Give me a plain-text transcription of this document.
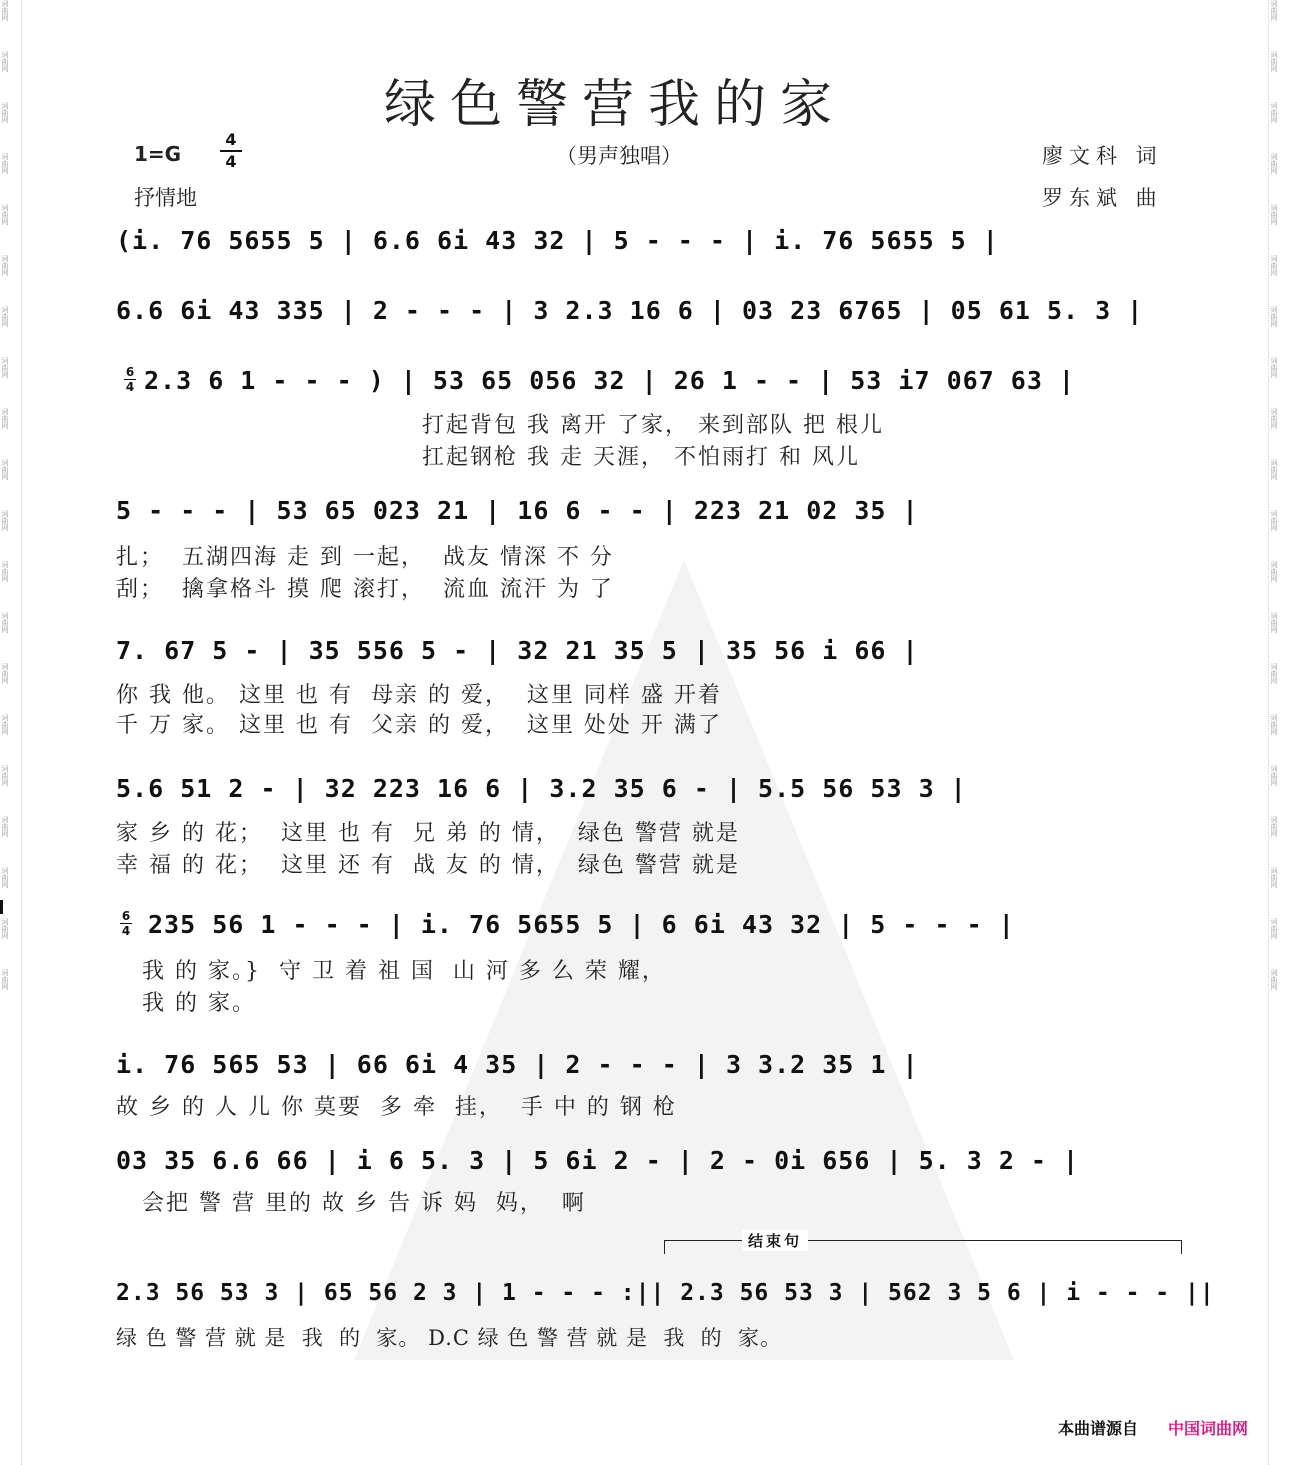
词曲网
词曲网
词曲网
词曲网
词曲网
词曲网
词曲网
词曲网
词曲网
词曲网
词曲网
词曲网
词曲网
词曲网
词曲网
词曲网
词曲网
词曲网
词曲网
词曲网
词曲网
词曲网
词曲网
词曲网
词曲网
词曲网
词曲网
词曲网
词曲网
词曲网
词曲网
词曲网
词曲网
词曲网
词曲网
词曲网
词曲网
词曲网
词曲网
词曲网
绿色警营我的家
1=G
4
4	（男声独唱）	廖文科 词
抒情地	罗东斌 曲
(i. 76 5655 5 | 6.6 6i 43 32 | 5 - - - | i. 76 5655 5 |
6.6 6i 43 335 | 2 - - - | 3 2.3 16 6 | 03 23 6765 | 05 61 5. 3 |
6
4 2.3 6 1 - - - ) | 53 65 056 32 | 26 1 - - | 53 i7 067 63 |
打起背包 我 离开 了家， 来到部队 把 根儿
扛起钢枪 我 走 天涯， 不怕雨打 和 风儿
5 - - - | 53 65 023 21 | 16 6 - - | 223 21 02 35 |
扎；  五湖四海 走 到 一起，  战友 情深 不 分
刮；  擒拿格斗 摸 爬 滚打，  流血 流汗 为 了
7. 67 5 - | 35 556 5 - | 32 21 35 5 | 35 56 i 66 |
你 我 他。 这里 也 有  母亲 的 爱，  这里 同样 盛 开着
千 万 家。 这里 也 有  父亲 的 爱，  这里 处处 开 满了
5.6 51 2 - | 32 223 16 6 | 3.2 35 6 - | 5.5 56 53 3 |
家 乡 的 花；  这里 也 有  兄 弟 的 情，  绿色 警营 就是
幸 福 的 花；  这里 还 有  战 友 的 情，  绿色 警营 就是
6
4 235 56 1 - - - | i. 76 5655 5 | 6 6i 43 32 | 5 - - - |
我 的 家。}  守 卫 着 祖 国  山 河 多 么 荣 耀，
我 的 家。
i. 76 565 53 | 66 6i 4 35 | 2 - - - | 3 3.2 35 1 |
故 乡 的 人 儿 你 莫要  多 牵  挂，  手 中 的 钢 枪
03 35 6.6 66 | i 6 5. 3 | 5 6i 2 - | 2 - 0i 656 | 5. 3 2 - |
会把 警 营 里的 故 乡 告 诉 妈  妈，  啊
结束句
2.3 56 53 3 | 65 56 2 3 | 1 - - - :|| 2.3 56 53 3 | 562 3 5 6 | i - - - ||
绿 色 警 营 就 是  我  的  家。 D.C 绿 色 警 营 就 是  我  的  家。
本曲谱源自 中国词曲网
